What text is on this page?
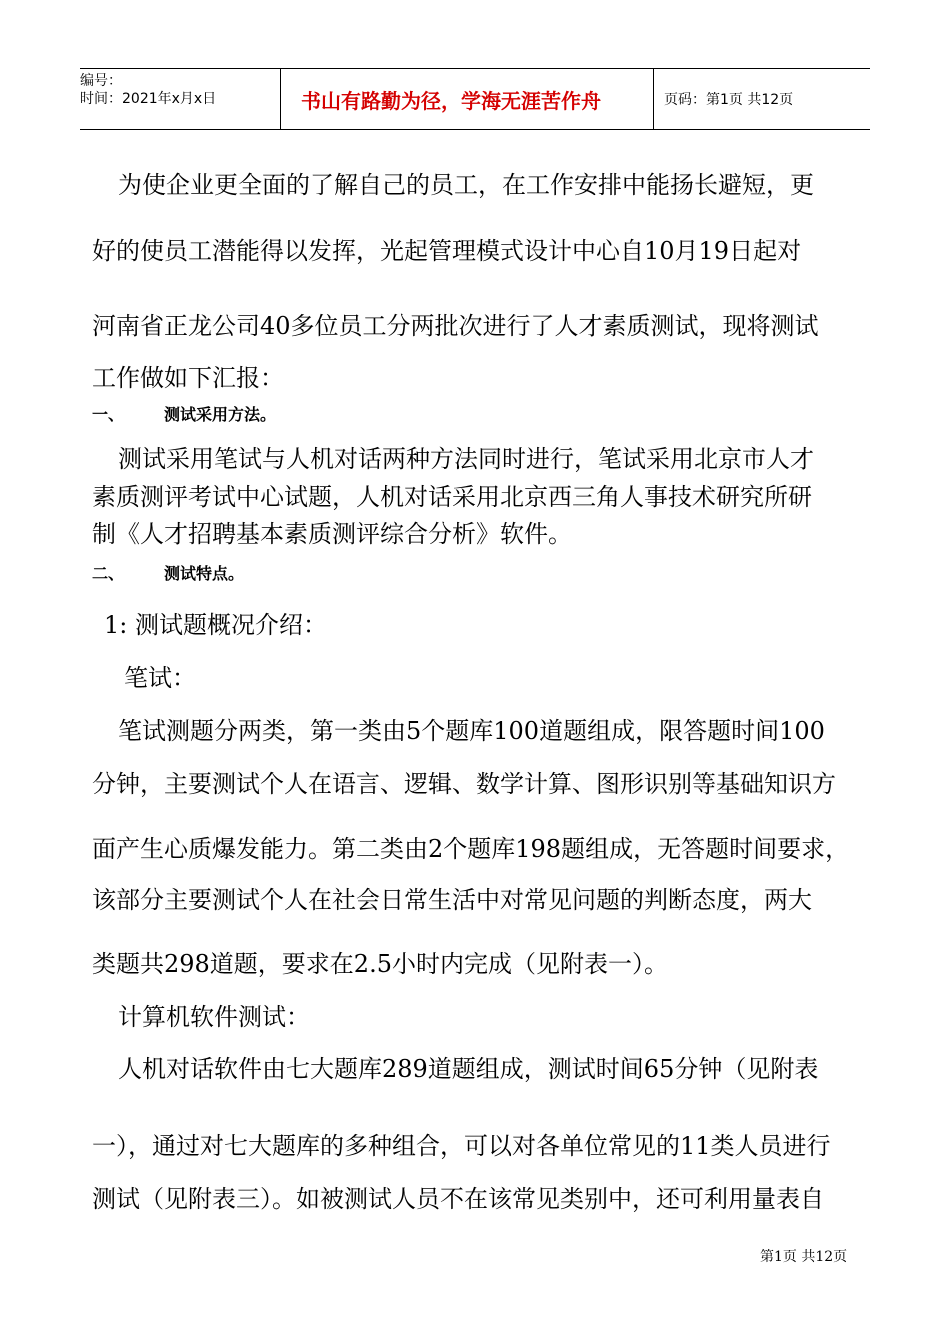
编号：
时间：2021年x月x日	书山有路勤为径，学海无涯苦作舟	页码：第1页 共12页
为使企业更全面的了解自己的员工，在工作安排中能扬长避短，更
好的使员工潜能得以发挥，光起管理模式设计中心自10月19日起对
河南省正龙公司40多位员工分两批次进行了人才素质测试，现将测试
工作做如下汇报：
一、	测试采用方法。
测试采用笔试与人机对话两种方法同时进行，笔试采用北京市人才
素质测评考试中心试题，人机对话采用北京西三角人事技术研究所研
制《人才招聘基本素质测评综合分析》软件。
二、	测试特点。
1: 测试题概况介绍：
笔试：
笔试测题分两类，第一类由5个题库100道题组成，限答题时间100
分钟，主要测试个人在语言、逻辑、数学计算、图形识别等基础知识方
面产生心质爆发能力。第二类由2个题库198题组成，无答题时间要求，
该部分主要测试个人在社会日常生活中对常见问题的判断态度，两大
类题共298道题，要求在2.5小时内完成（见附表一）。
计算机软件测试：
人机对话软件由七大题库289道题组成，测试时间65分钟（见附表
一），通过对七大题库的多种组合，可以对各单位常见的11类人员进行
测试（见附表三）。如被测试人员不在该常见类别中，还可利用量表自
第1页 共12页
